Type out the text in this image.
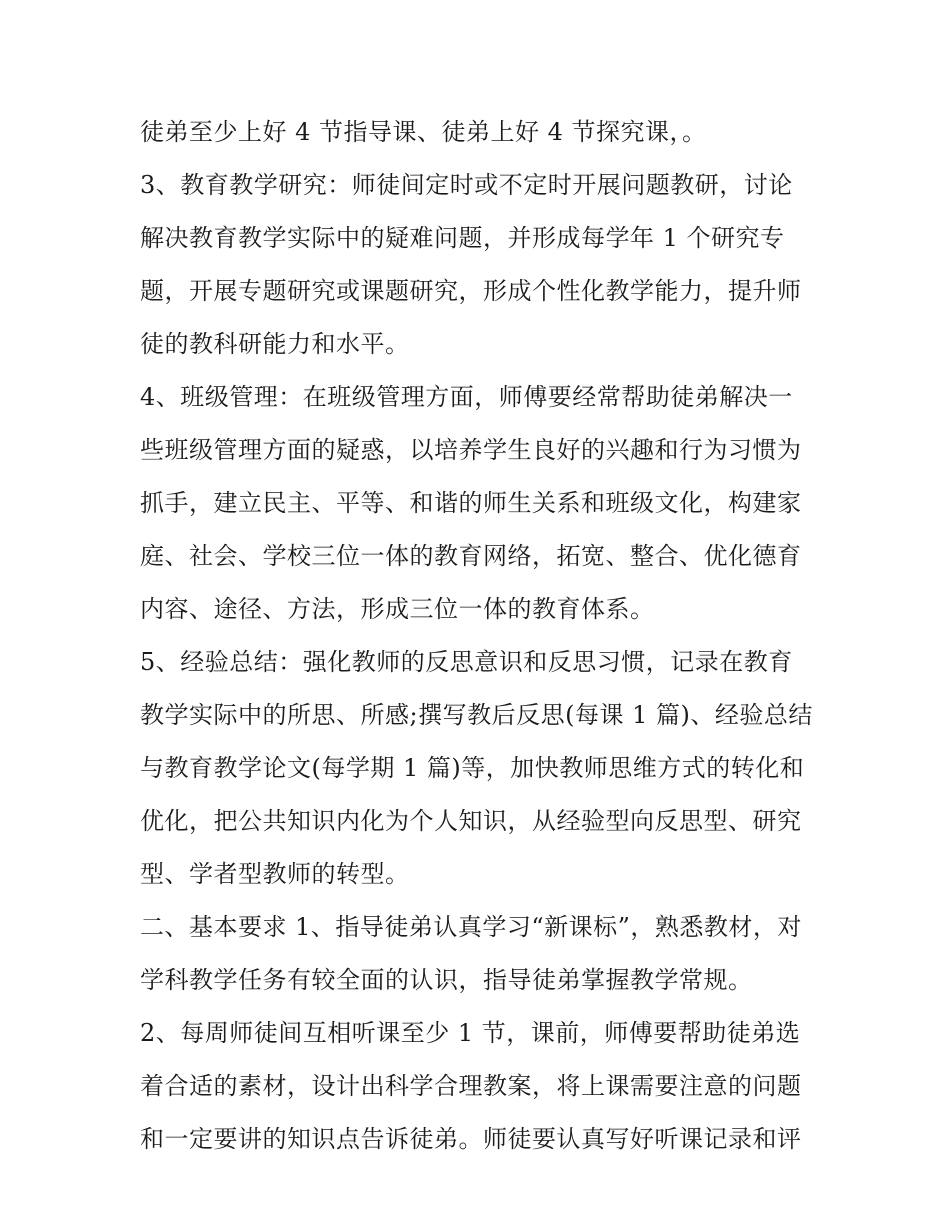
徒弟至少上好 4 节指导课、徒弟上好 4 节探究课，。
3、教育教学研究：师徒间定时或不定时开展问题教研，讨论
解决教育教学实际中的疑难问题，并形成每学年 1 个研究专
题，开展专题研究或课题研究，形成个性化教学能力，提升师
徒的教科研能力和水平。
4、班级管理：在班级管理方面，师傅要经常帮助徒弟解决一
些班级管理方面的疑惑，以培养学生良好的兴趣和行为习惯为
抓手，建立民主、平等、和谐的师生关系和班级文化，构建家
庭、社会、学校三位一体的教育网络，拓宽、整合、优化德育
内容、途径、方法，形成三位一体的教育体系。
5、经验总结：强化教师的反思意识和反思习惯，记录在教育
教学实际中的所思、所感;撰写教后反思(每课 1 篇)、经验总结
与教育教学论文(每学期 1 篇)等，加快教师思维方式的转化和
优化，把公共知识内化为个人知识，从经验型向反思型、研究
型、学者型教师的转型。
二、基本要求 1、指导徒弟认真学习“新课标”，熟悉教材，对
学科教学任务有较全面的认识，指导徒弟掌握教学常规。
2、每周师徒间互相听课至少 1 节，课前，师傅要帮助徒弟选
着合适的素材，设计出科学合理教案，将上课需要注意的问题
和一定要讲的知识点告诉徒弟。师徒要认真写好听课记录和评
